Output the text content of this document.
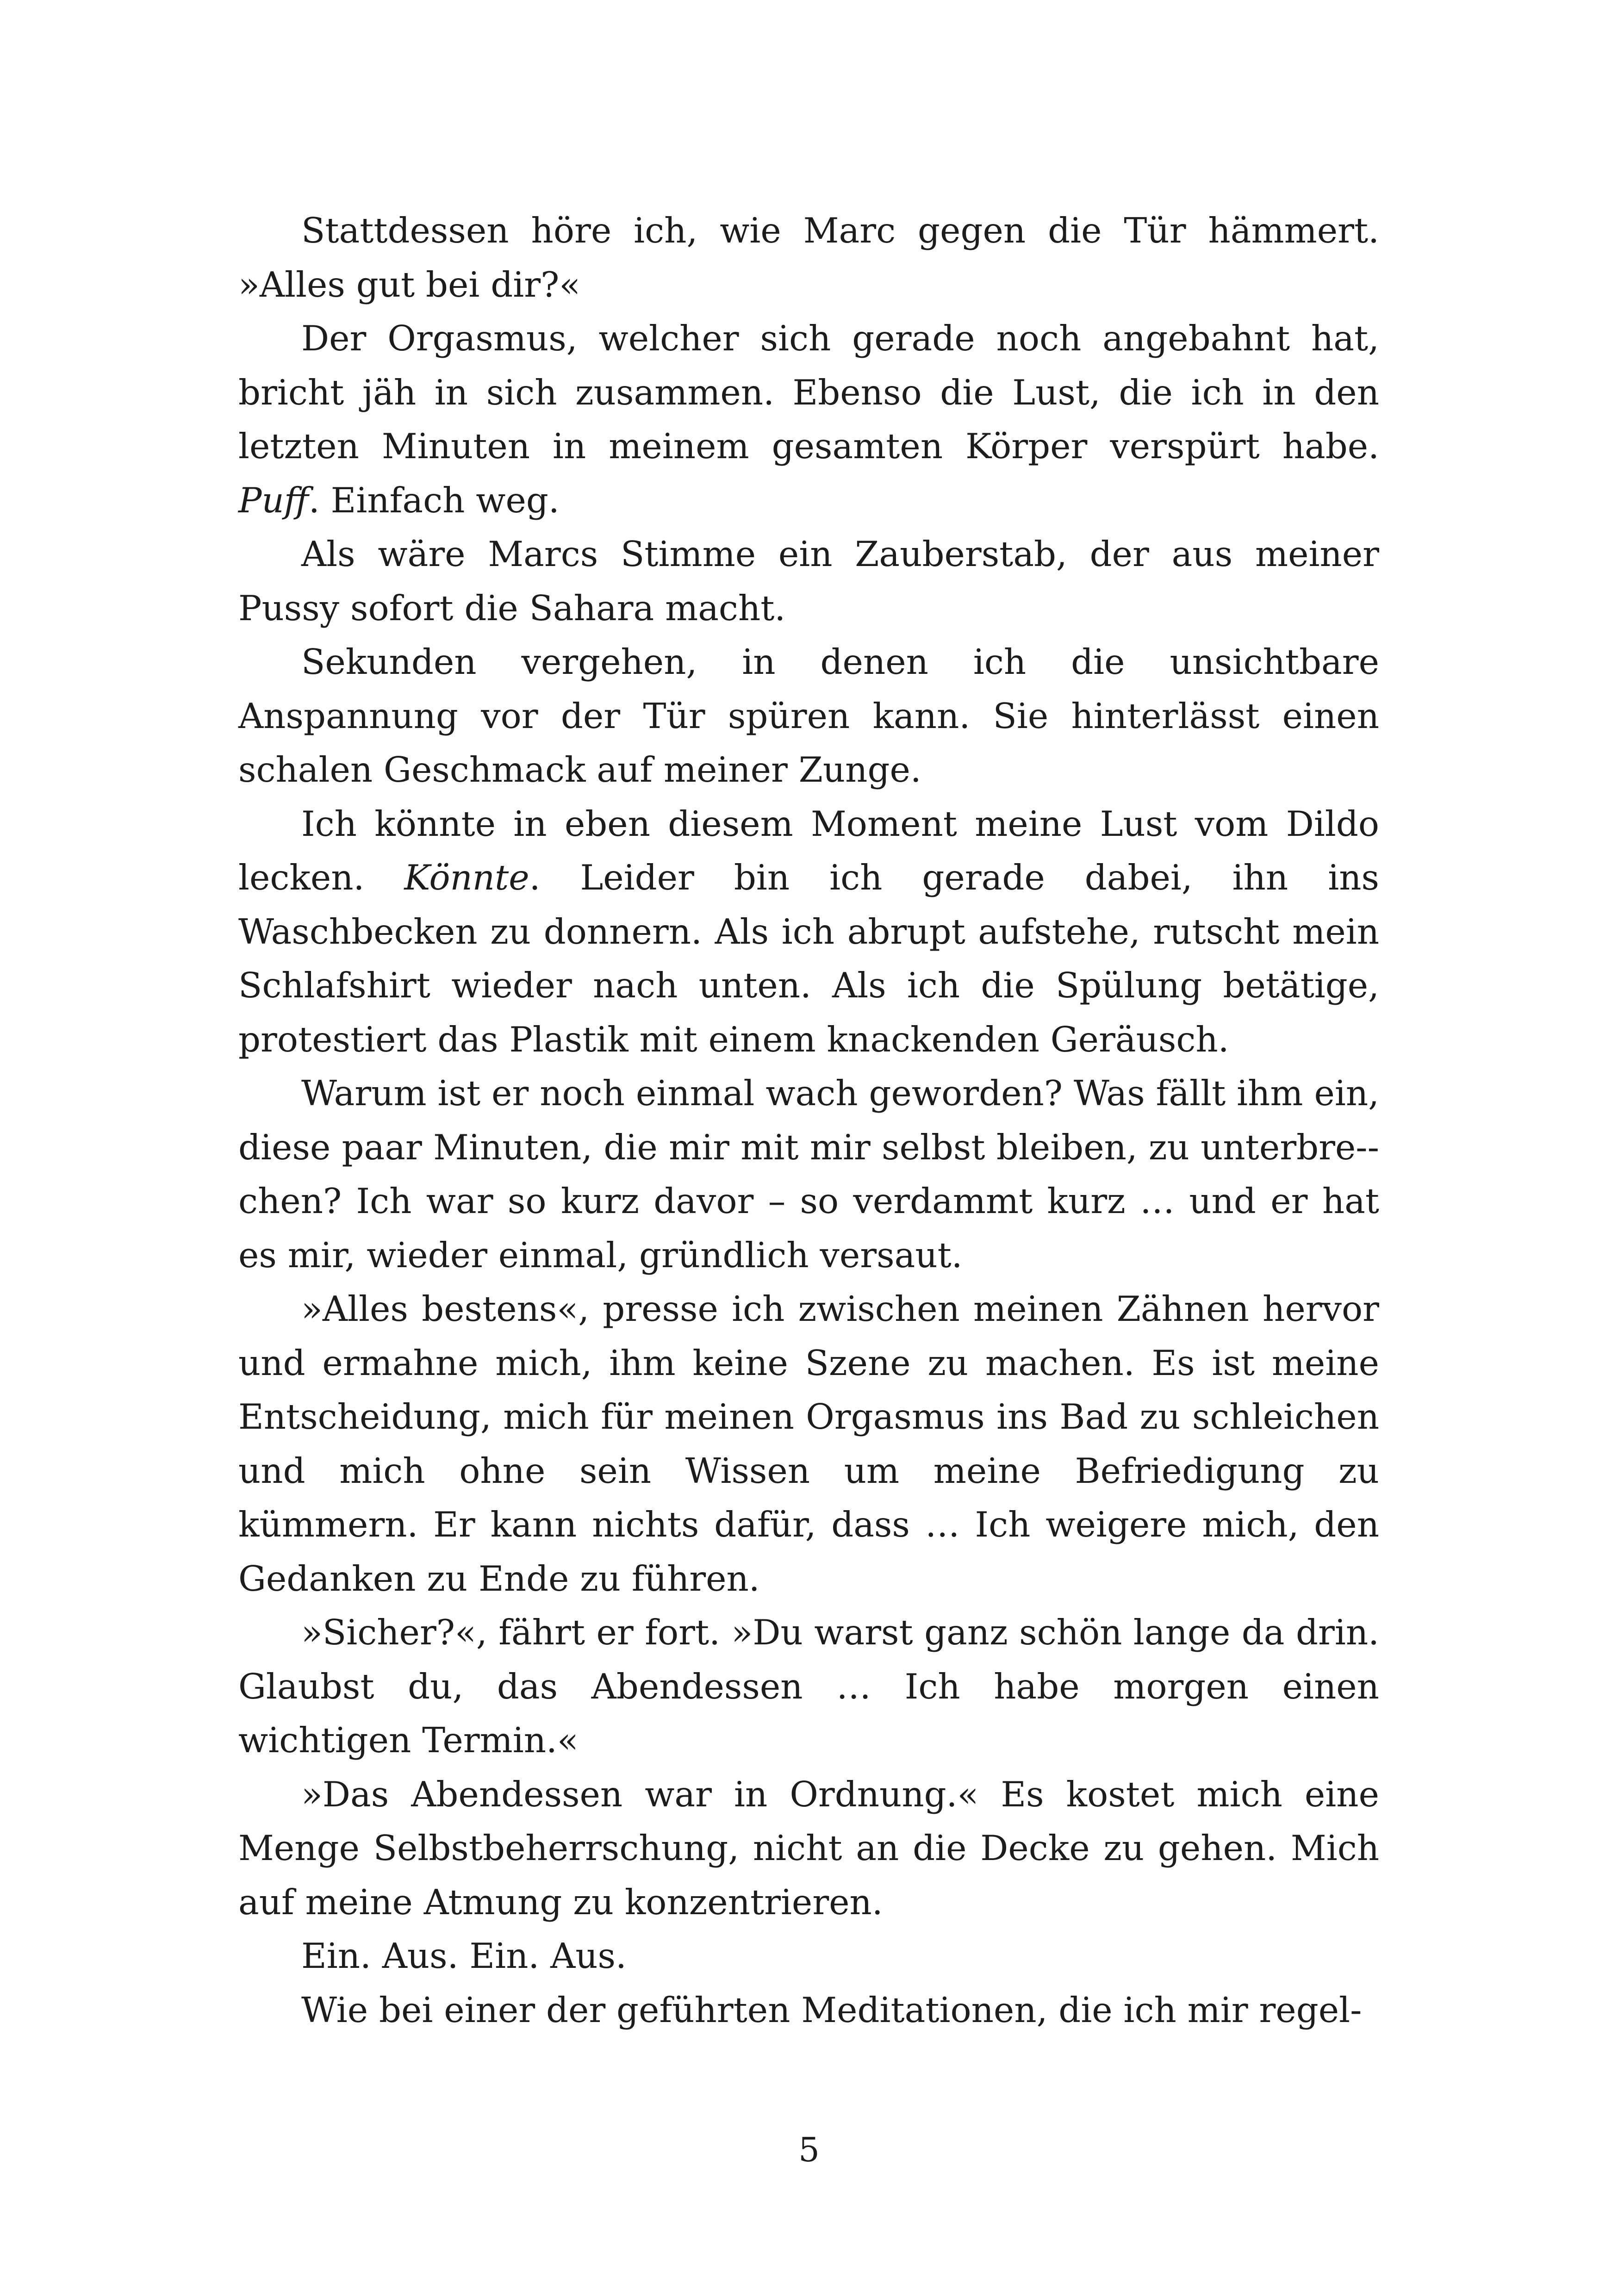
Stattdessen höre ich, wie Marc gegen die Tür hämmert. »Alles gut bei dir?«

Der Orgasmus, welcher sich gerade noch angebahnt hat, bricht jäh in sich zusammen. Ebenso die Lust, die ich in den letzten Minuten in meinem gesamten Körper verspürt habe. Puff. Einfach weg.

Als wäre Marcs Stimme ein Zauberstab, der aus meiner Pussy sofort die Sahara macht.

Sekunden vergehen, in denen ich die unsichtbare Anspannung vor der Tür spüren kann. Sie hinterlässt einen schalen Geschmack auf meiner Zunge.

Ich könnte in eben diesem Moment meine Lust vom Dildo lecken. Könnte. Leider bin ich gerade dabei, ihn ins Waschbecken zu donnern. Als ich abrupt aufstehe, rutscht mein Schlafshirt wieder nach unten. Als ich die Spülung betätige, protestiert das Plastik mit einem knackenden Geräusch.

Warum ist er noch einmal wach geworden? Was fällt ihm ein, diese paar Minuten, die mir mit mir selbst bleiben, zu unterbre-chen? Ich war so kurz davor – so verdammt kurz … und er hat es mir, wieder einmal, gründlich versaut.

»Alles bestens«, presse ich zwischen meinen Zähnen hervor und ermahne mich, ihm keine Szene zu machen. Es ist meine Entscheidung, mich für meinen Orgasmus ins Bad zu schleichen und mich ohne sein Wissen um meine Befriedigung zu kümmern. Er kann nichts dafür, dass … Ich weigere mich, den Gedanken zu Ende zu führen.

»Sicher?«, fährt er fort. »Du warst ganz schön lange da drin. Glaubst du, das Abendessen … Ich habe morgen einen wichtigen Termin.«

»Das Abendessen war in Ordnung.« Es kostet mich eine Menge Selbstbeherrschung, nicht an die Decke zu gehen. Mich auf meine Atmung zu konzentrieren.

Ein. Aus. Ein. Aus.

Wie bei einer der geführten Meditationen, die ich mir regel-

5
